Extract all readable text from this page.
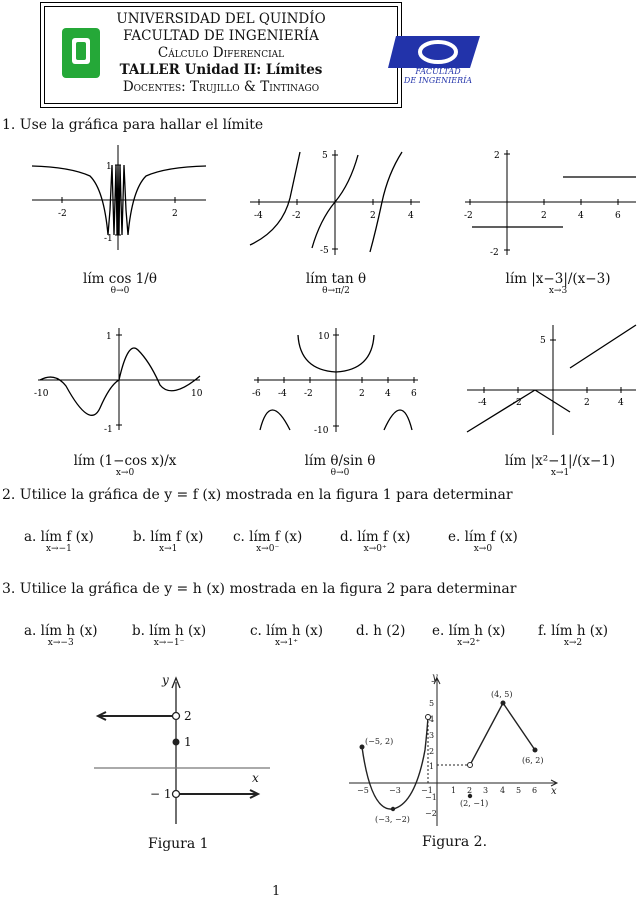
UNIVERSIDAD DEL QUINDÍO
FACULTAD DE INGENIERÍA
Cálculo Diferencial
TALLER Unidad II: Límites
Docentes: Trujillo & Tintinago
FACULTAD
DE INGENIERÍA
1. Use la gráfica para hallar el límite
-2	2
1
-1
-4	-2	2	4
5
-5
-2	2	4	6
2
-2
-10	10
1
-1
-6 -4 -2	2 4 6
10
-10
-4	-2	2	4
5
lím cos 1/θ
θ→0
lím tan θ
θ→π/2
lím |x−3|/(x−3)
x→3
lím (1−cos x)/x
x→0
lím θ/sin θ
θ→0
lím |x²−1|/(x−1)
x→1
2. Utilice la gráfica de y = f (x) mostrada en la figura 1 para determinar
a. lím f (x)
x→−1
b. lím f (x)
x→1
c. lím f (x)
x→0⁻
d. lím f (x)
x→0⁺
e. lím f (x)
x→0
3. Utilice la gráfica de y = h (x) mostrada en la figura 2 para determinar
a. lím h (x)
x→−3
b. lím h (x)
x→−1⁻
c. lím h (x)
x→1⁺
d. h (2) e. lím h (x)
x→2⁺
f. lím h (x)
x→2
y
x
2
1
− 1
Figura 1
y
x
(−5, 2)
(−3, −2)
(4, 5)
(6, 2)
(2, −1)
−5	−3	−1 1 2 3 4 5 6
5
4
3
2
1
−1
−2
Figura 2.
1
